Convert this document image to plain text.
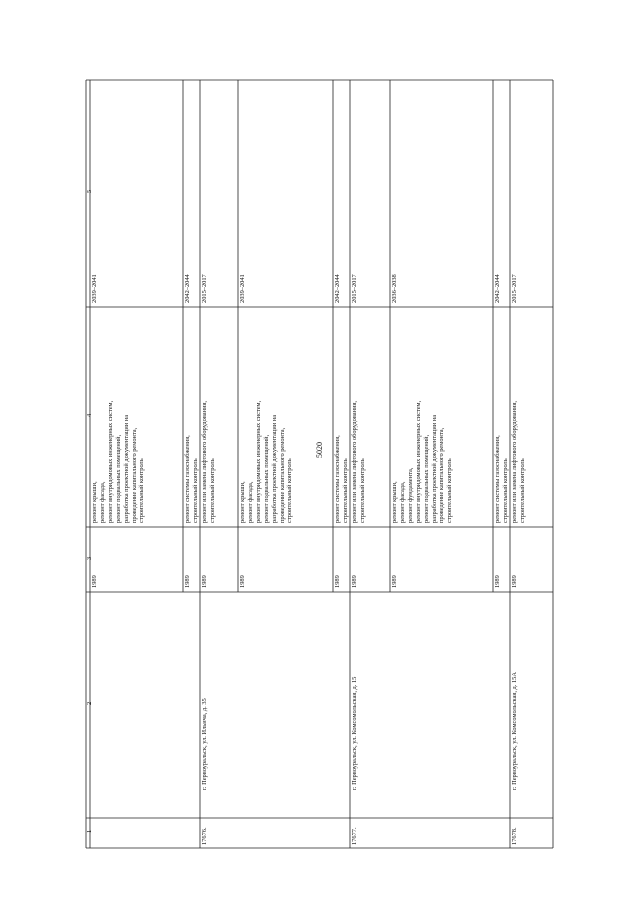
5020
1
2
3
4
5
1989
ремонт крыши, ремонт фасада, ремонт внутридомовых инженерных систем, ремонт подвальных помещений, разработка проектной документации на проведение капитального ремонта, строительный контроль
2039–2041
1989
ремонт системы газоснабжения, строительный контроль
2042–2044
17676.
г. Первоуральск, ул. Ильича, д. 35
1989
ремонт или замена лифтового оборудования, строительный контроль
2015–2017
1989
ремонт крыши, ремонт фасада, ремонт внутридомовых инженерных систем, ремонт подвальных помещений, разработка проектной документации на проведение капитального ремонта, строительный контроль
2039–2041
1989
ремонт системы газоснабжения, строительный контроль
2042–2044
17677.
г. Первоуральск, ул. Комсомольская, д. 15
1989
ремонт или замена лифтового оборудования, строительный контроль
2015–2017
1989
ремонт крыши, ремонт фасада, ремонт фундамента, ремонт внутридомовых инженерных систем, ремонт подвальных помещений, разработка проектной документации на проведение капитального ремонта, строительный контроль
2036–2038
1989
ремонт системы газоснабжения, строительный контроль
2042–2044
17678.
г. Первоуральск, ул. Комсомольская, д. 15А
1989
ремонт или замена лифтового оборудования, строительный контроль
2015–2017
